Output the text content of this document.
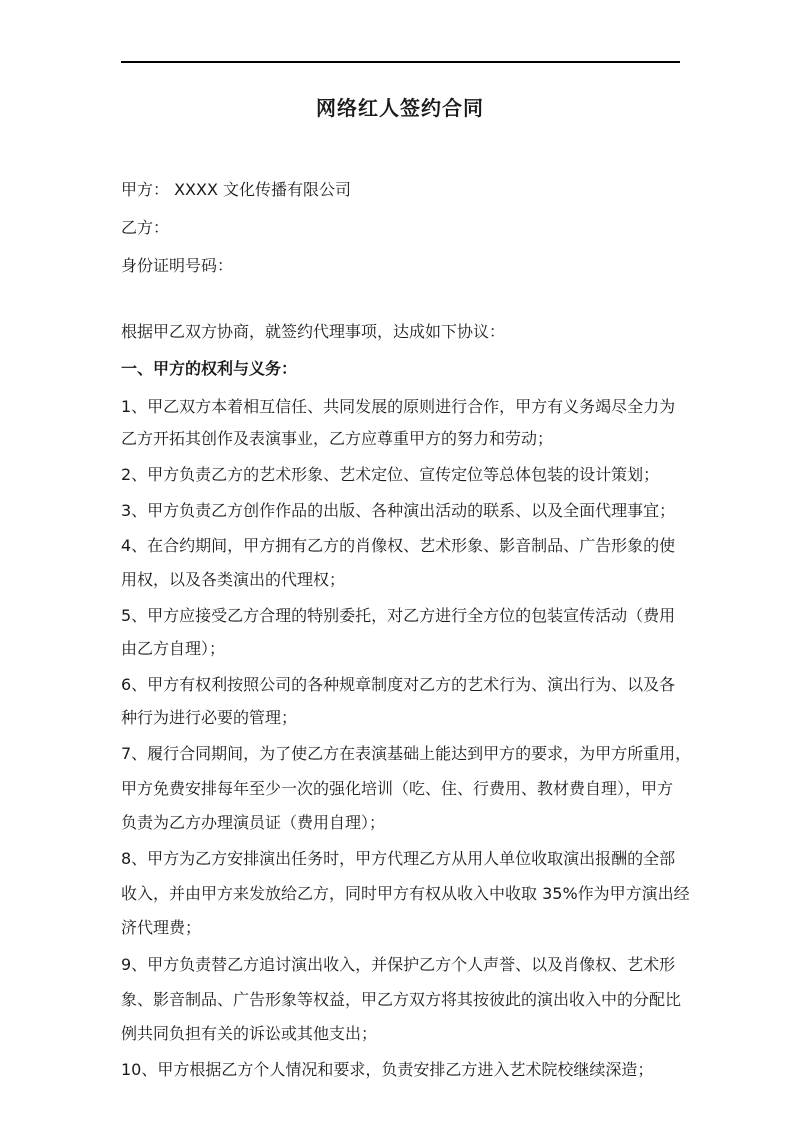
网络红人签约合同

甲方： XXXX 文化传播有限公司

乙方：

身份证明号码：

根据甲乙双方协商，就签约代理事项，达成如下协议：

一、甲方的权利与义务：

1、甲乙双方本着相互信任、共同发展的原则进行合作，甲方有义务竭尽全力为

乙方开拓其创作及表演事业，乙方应尊重甲方的努力和劳动；

2、甲方负责乙方的艺术形象、艺术定位、宣传定位等总体包装的设计策划；

3、甲方负责乙方创作作品的出版、各种演出活动的联系、以及全面代理事宜；

4、在合约期间，甲方拥有乙方的肖像权、艺术形象、影音制品、广告形象的使

用权，以及各类演出的代理权；

5、甲方应接受乙方合理的特别委托，对乙方进行全方位的包装宣传活动（费用

由乙方自理）；

6、甲方有权利按照公司的各种规章制度对乙方的艺术行为、演出行为、以及各

种行为进行必要的管理；

7、履行合同期间，为了使乙方在表演基础上能达到甲方的要求，为甲方所重用，

甲方免费安排每年至少一次的强化培训（吃、住、行费用、教材费自理），甲方

负责为乙方办理演员证（费用自理）；

8、甲方为乙方安排演出任务时，甲方代理乙方从用人单位收取演出报酬的全部

收入，并由甲方来发放给乙方，同时甲方有权从收入中收取 35%作为甲方演出经

济代理费；

9、甲方负责替乙方追讨演出收入，并保护乙方个人声誉、以及肖像权、艺术形

象、影音制品、广告形象等权益，甲乙方双方将其按彼此的演出收入中的分配比

例共同负担有关的诉讼或其他支出；

10、甲方根据乙方个人情况和要求，负责安排乙方进入艺术院校继续深造；
